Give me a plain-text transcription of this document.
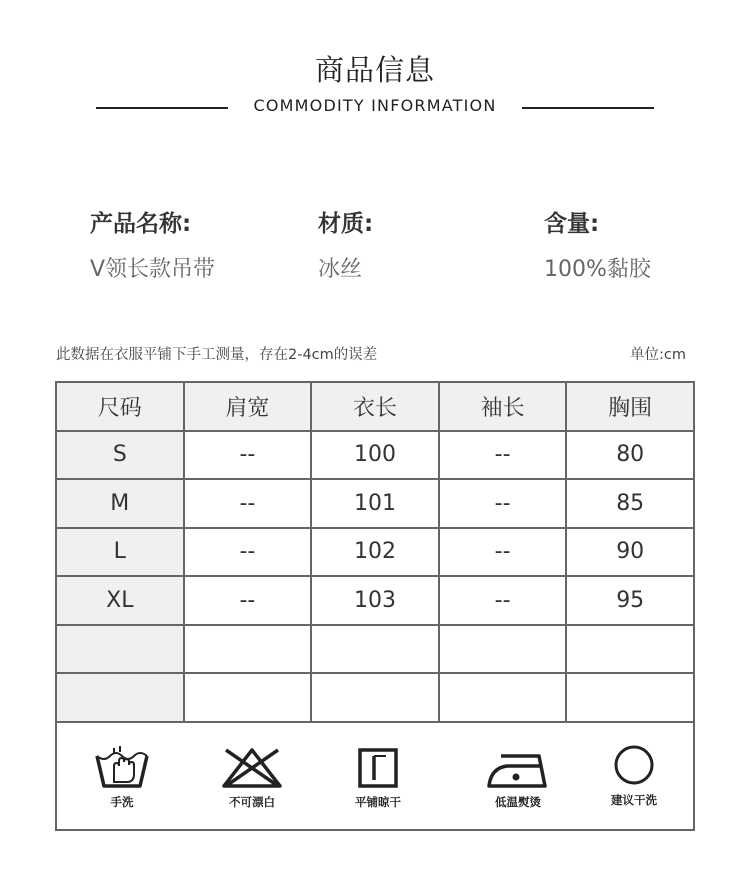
商品信息
COMMODITY INFORMATION
产品名称:
V领长款吊带
材质:
冰丝
含量:
100%黏胶
此数据在衣服平铺下手工测量，存在2-4cm的误差	单位:cm
尺码	肩宽	衣长	袖长	胸围
S	--	100	--	80
M	--	101	--	85
L	--	102	--	90
XL	--	103	--	95

手洗	不可漂白	平铺晾干	低温熨烫	建议干洗
